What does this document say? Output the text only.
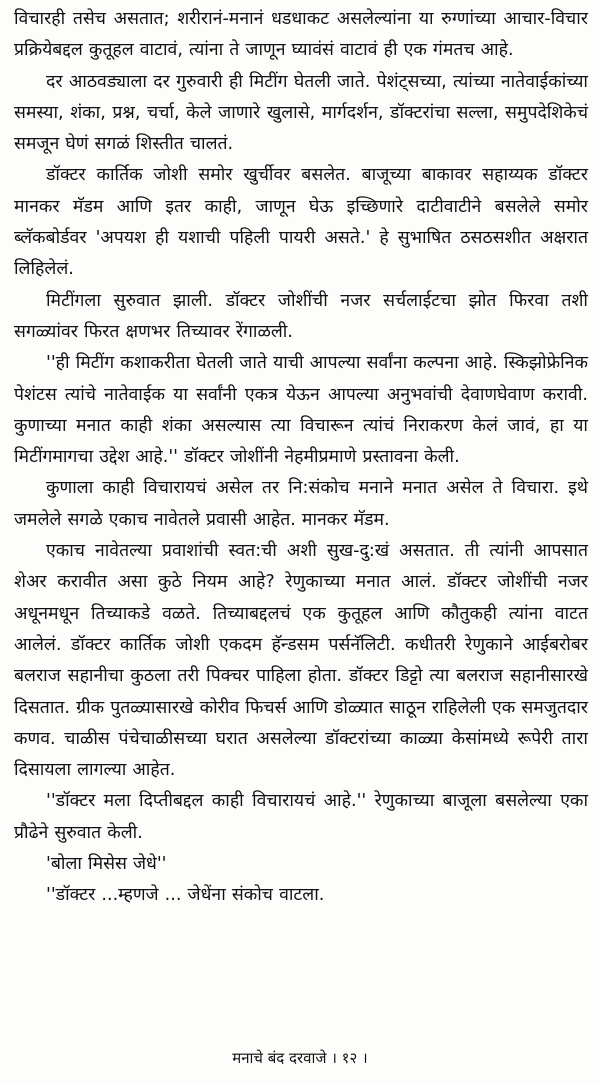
विचारही तसेच असतात; शरीरानं-मनानं धडधाकट असलेल्यांना या रुग्णांच्या आचार-विचार प्रक्रियेबद्दल कुतूहल वाटावं, त्यांना ते जाणून घ्यावंसं वाटावं ही एक गंमतच आहे.

दर आठवड्याला दर गुरुवारी ही मिटींग घेतली जाते. पेशंट्सच्या, त्यांच्या नातेवाईकांच्या समस्या, शंका, प्रश्न, चर्चा, केले जाणारे खुलासे, मार्गदर्शन, डॉक्टरांचा सल्ला, समुपदेशिकेचं समजून घेणं सगळं शिस्तीत चालतं.

डॉक्टर कार्तिक जोशी समोर खुर्चीवर बसलेत. बाजूच्या बाकावर सहाय्यक डॉक्टर मानकर मॅडम आणि इतर काही, जाणून घेऊ इच्छिणारे दाटीवाटीने बसलेले समोर ब्लॅकबोर्डवर 'अपयश ही यशाची पहिली पायरी असते.' हे सुभाषित ठसठसशीत अक्षरात लिहिलेलं.

मिटींगला सुरुवात झाली. डॉक्टर जोशींची नजर सर्चलाईटचा झोत फिरवा तशी सगळ्यांवर फिरत क्षणभर तिच्यावर रेंगाळली.

''ही मिटींग कशाकरीता घेतली जाते याची आपल्या सर्वांना कल्पना आहे. स्किझोफ्रेनिक पेशंटस त्यांचे नातेवाईक या सर्वांनी एकत्र येऊन आपल्या अनुभवांची देवाणघेवाण करावी. कुणाच्या मनात काही शंका असल्यास त्या विचारून त्यांचं निराकरण केलं जावं, हा या मिटींगमागचा उद्देश आहे.'' डॉक्टर जोशींनी नेहमीप्रमाणे प्रस्तावना केली.

कुणाला काही विचारायचं असेल तर नि:संकोच मनाने मनात असेल ते विचारा. इथे जमलेले सगळे एकाच नावेतले प्रवासी आहेत. मानकर मॅडम.

एकाच नावेतल्या प्रवाशांची स्वत:ची अशी सुख-दु:खं असतात. ती त्यांनी आपसात शेअर करावीत असा कुठे नियम आहे? रेणुकाच्या मनात आलं. डॉक्टर जोशींची नजर अधूनमधून तिच्याकडे वळते. तिच्याबद्दलचं एक कुतूहल आणि कौतुकही त्यांना वाटत आलेलं. डॉक्टर कार्तिक जोशी एकदम हॅन्डसम पर्सनॅलिटी. कधीतरी रेणुकाने आईबरोबर बलराज सहानीचा कुठला तरी पिक्चर पाहिला होता. डॉक्टर डिट्टो त्या बलराज सहानीसारखे दिसतात. ग्रीक पुतळ्यासारखे कोरीव फिचर्स आणि डोळ्यात साठून राहिलेली एक समजुतदार कणव. चाळीस पंचेचाळीसच्या घरात असलेल्या डॉक्टरांच्या काळ्या केसांमध्ये रूपेरी तारा दिसायला लागल्या आहेत.

''डॉक्टर मला दिप्तीबद्दल काही विचारायचं आहे.'' रेणुकाच्या बाजूला बसलेल्या एका प्रौढेने सुरुवात केली.

'बोला मिसेस जेधे''

''डॉक्टर ...म्हणजे ... जेधेंना संकोच वाटला.

मनाचे बंद दरवाजे । १२ ।
